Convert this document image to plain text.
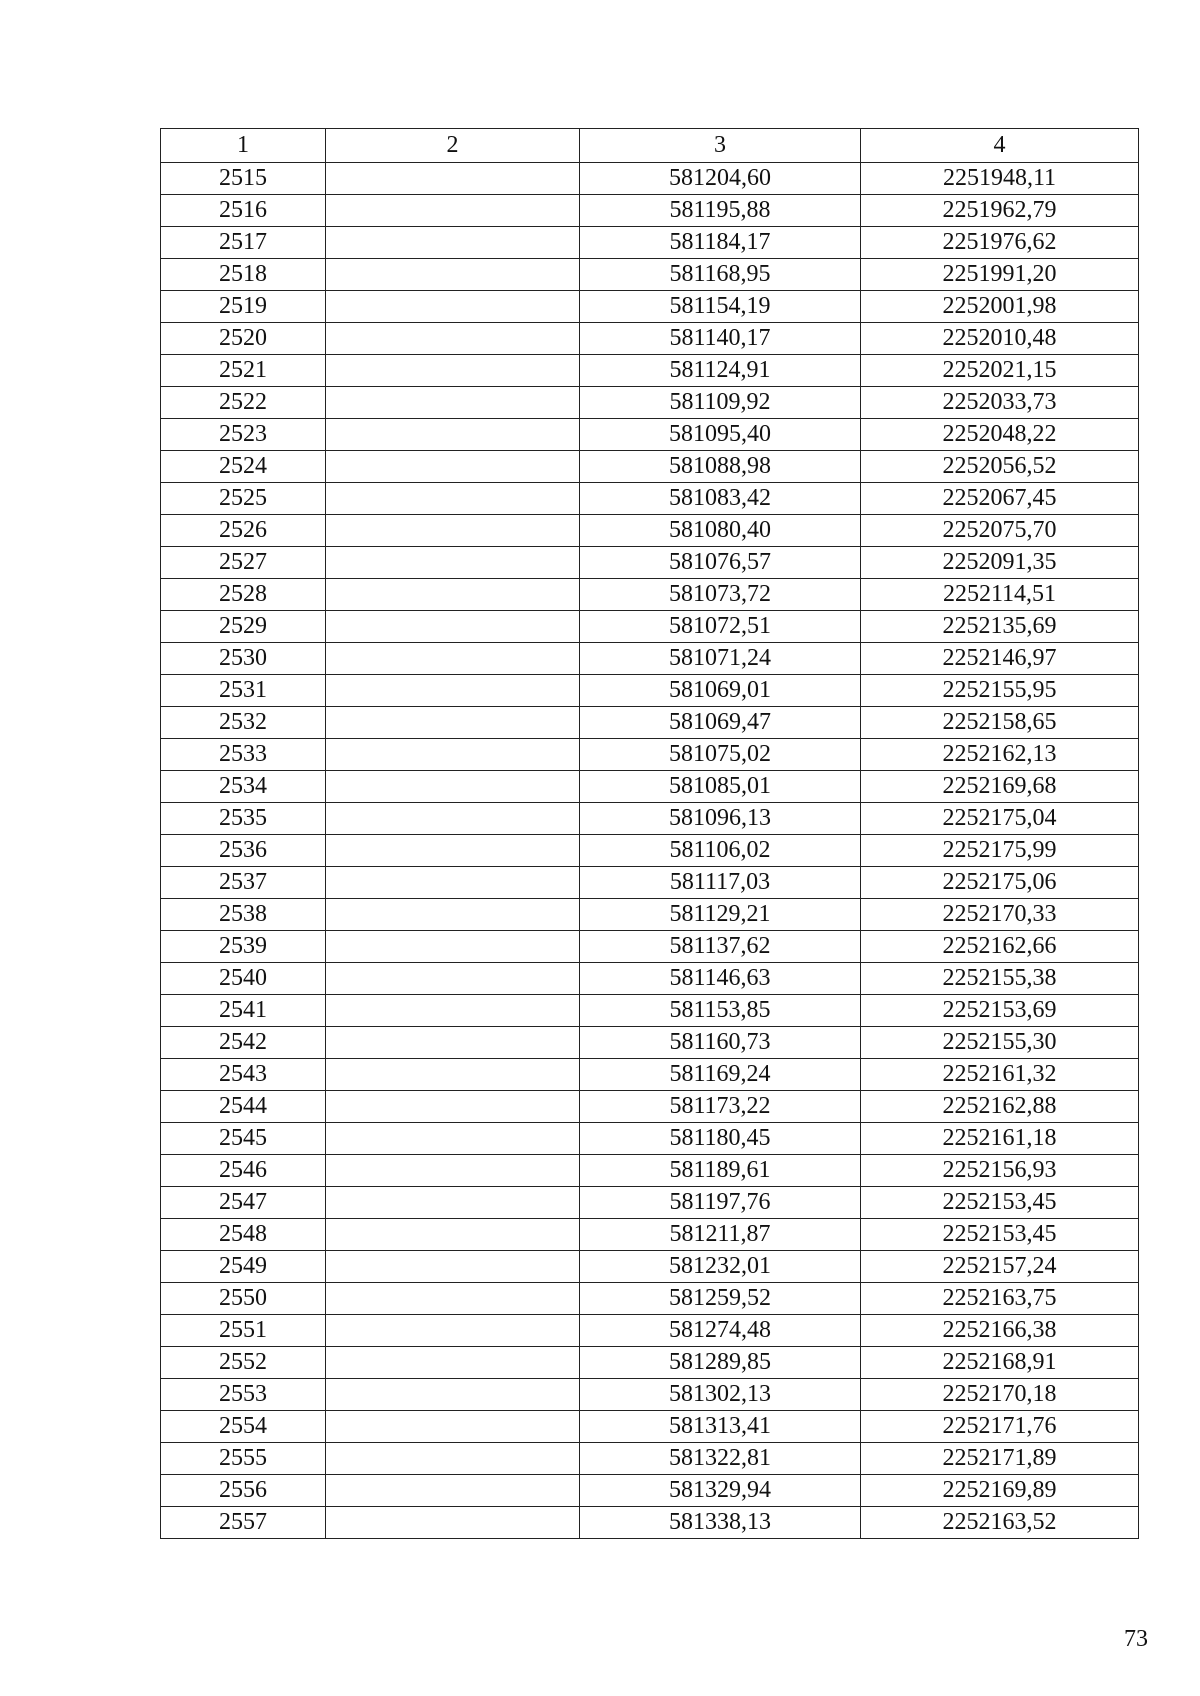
1	2	3	4
2515		581204,60	2251948,11
2516		581195,88	2251962,79
2517		581184,17	2251976,62
2518		581168,95	2251991,20
2519		581154,19	2252001,98
2520		581140,17	2252010,48
2521		581124,91	2252021,15
2522		581109,92	2252033,73
2523		581095,40	2252048,22
2524		581088,98	2252056,52
2525		581083,42	2252067,45
2526		581080,40	2252075,70
2527		581076,57	2252091,35
2528		581073,72	2252114,51
2529		581072,51	2252135,69
2530		581071,24	2252146,97
2531		581069,01	2252155,95
2532		581069,47	2252158,65
2533		581075,02	2252162,13
2534		581085,01	2252169,68
2535		581096,13	2252175,04
2536		581106,02	2252175,99
2537		581117,03	2252175,06
2538		581129,21	2252170,33
2539		581137,62	2252162,66
2540		581146,63	2252155,38
2541		581153,85	2252153,69
2542		581160,73	2252155,30
2543		581169,24	2252161,32
2544		581173,22	2252162,88
2545		581180,45	2252161,18
2546		581189,61	2252156,93
2547		581197,76	2252153,45
2548		581211,87	2252153,45
2549		581232,01	2252157,24
2550		581259,52	2252163,75
2551		581274,48	2252166,38
2552		581289,85	2252168,91
2553		581302,13	2252170,18
2554		581313,41	2252171,76
2555		581322,81	2252171,89
2556		581329,94	2252169,89
2557		581338,13	2252163,52
73
